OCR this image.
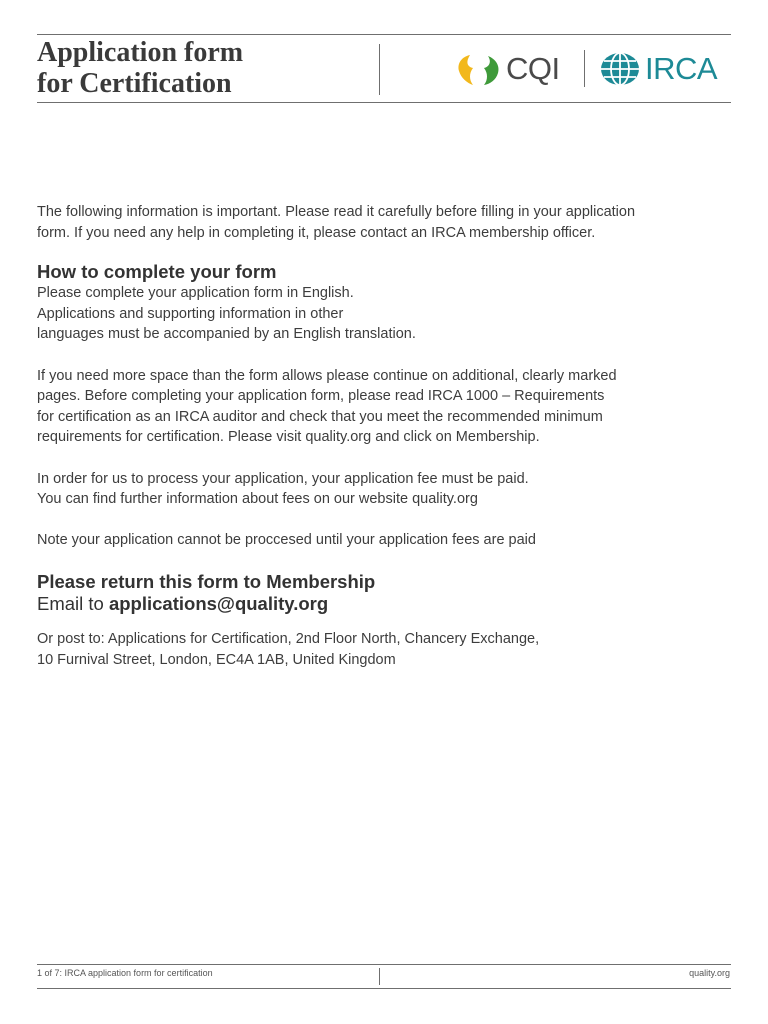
Application form
for Certification	CQI	IRCA

The following information is important. Please read it carefully before filling in your application
form. If you need any help in completing it, please contact an IRCA membership officer.

How to complete your form

Please complete your application form in English.
Applications and supporting information in other
languages must be accompanied by an English translation.

If you need more space than the form allows please continue on additional, clearly marked
pages. Before completing your application form, please read IRCA 1000 – Requirements
for certification as an IRCA auditor and check that you meet the recommended minimum
requirements for certification. Please visit quality.org and click on Membership.

In order for us to process your application, your application fee must be paid.
You can find further information about fees on our website quality.org

Note your application cannot be proccesed until your application fees are paid

Please return this form to Membership

Email to applications@quality.org

Or post to: Applications for Certification, 2nd Floor North, Chancery Exchange,
10 Furnival Street, London, EC4A 1AB, United Kingdom

1 of 7: IRCA application form for certification	quality.org
